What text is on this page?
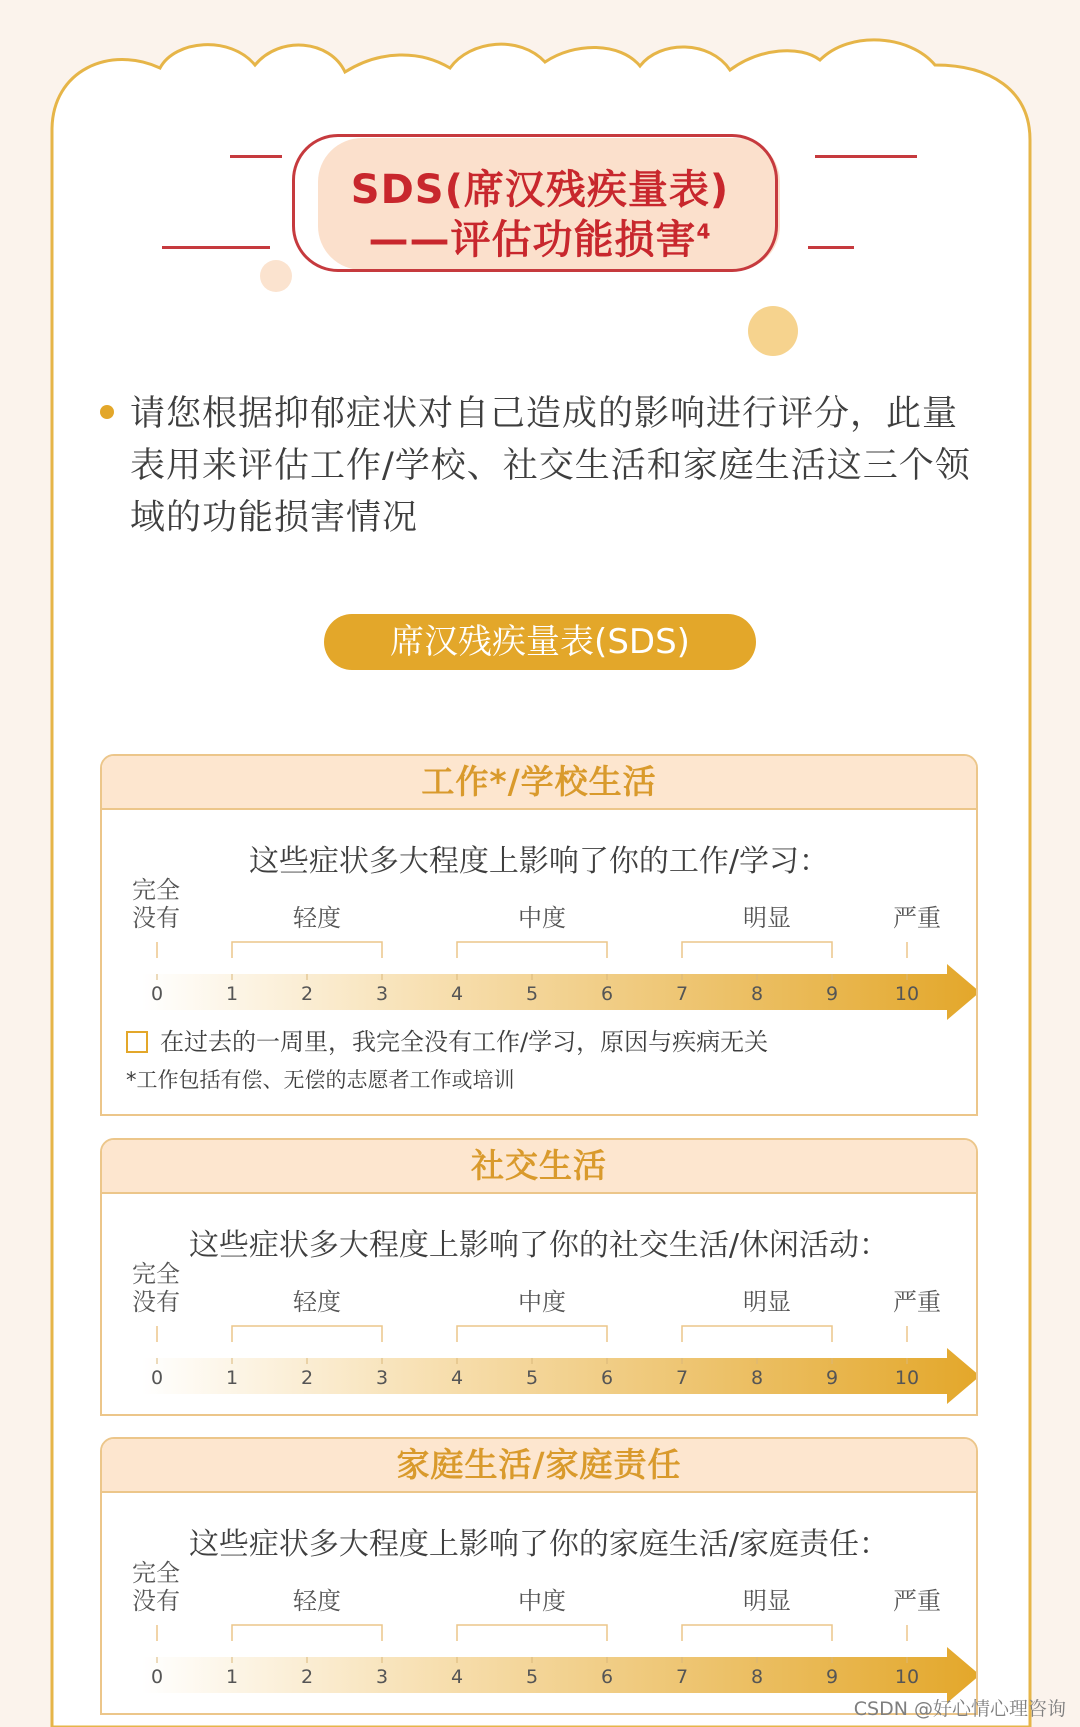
SDS(席汉残疾量表)
——评估功能损害$^4$
请您根据抑郁症状对自己造成的影响进行评分，此量表用来评估工作/学校、社交生活和家庭生活这三个领域的功能损害情况
席汉残疾量表(SDS)
工作*/学校生活
这些症状多大程度上影响了你的工作/学习：
完全没有	轻度	中度	明显	严重
0	1	2	3	4	5	6	7	8	9	10
在过去的一周里，我完全没有工作/学习，原因与疾病无关
*工作包括有偿、无偿的志愿者工作或培训
社交生活
这些症状多大程度上影响了你的社交生活/休闲活动：
完全没有	轻度	中度	明显	严重
0	1	2	3	4	5	6	7	8	9	10
家庭生活/家庭责任
这些症状多大程度上影响了你的家庭生活/家庭责任：
完全没有	轻度	中度	明显	严重
0	1	2	3	4	5	6	7	8	9	10
CSDN @好心情心理咨询
